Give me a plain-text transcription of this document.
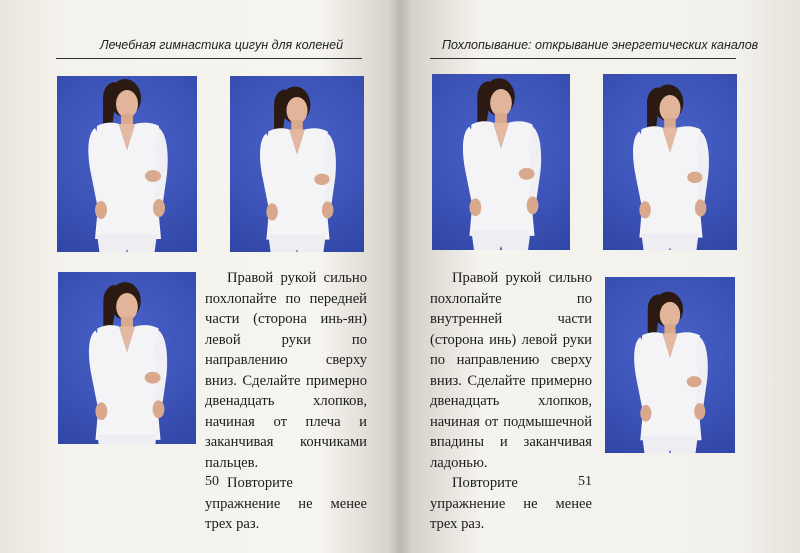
Лечебная гимнастика цигун для коленей

Правой рукой сильно похлопайте по передней части (сторона инь-ян) левой руки по направлению сверху вниз. Сделайте примерно двенадцать хлопков, начиная от плеча и заканчивая кончиками пальцев.

Повторите упражнение не менее трех раз.

50
Похлопывание: открывание энергетических каналов

Правой рукой сильно похлопайте по внутренней части (сторона инь) левой руки по направлению сверху вниз. Сделайте примерно двенадцать хлопков, начиная от подмышечной впадины и заканчивая ладонью.

Повторите упражнение не менее трех раз.

51
